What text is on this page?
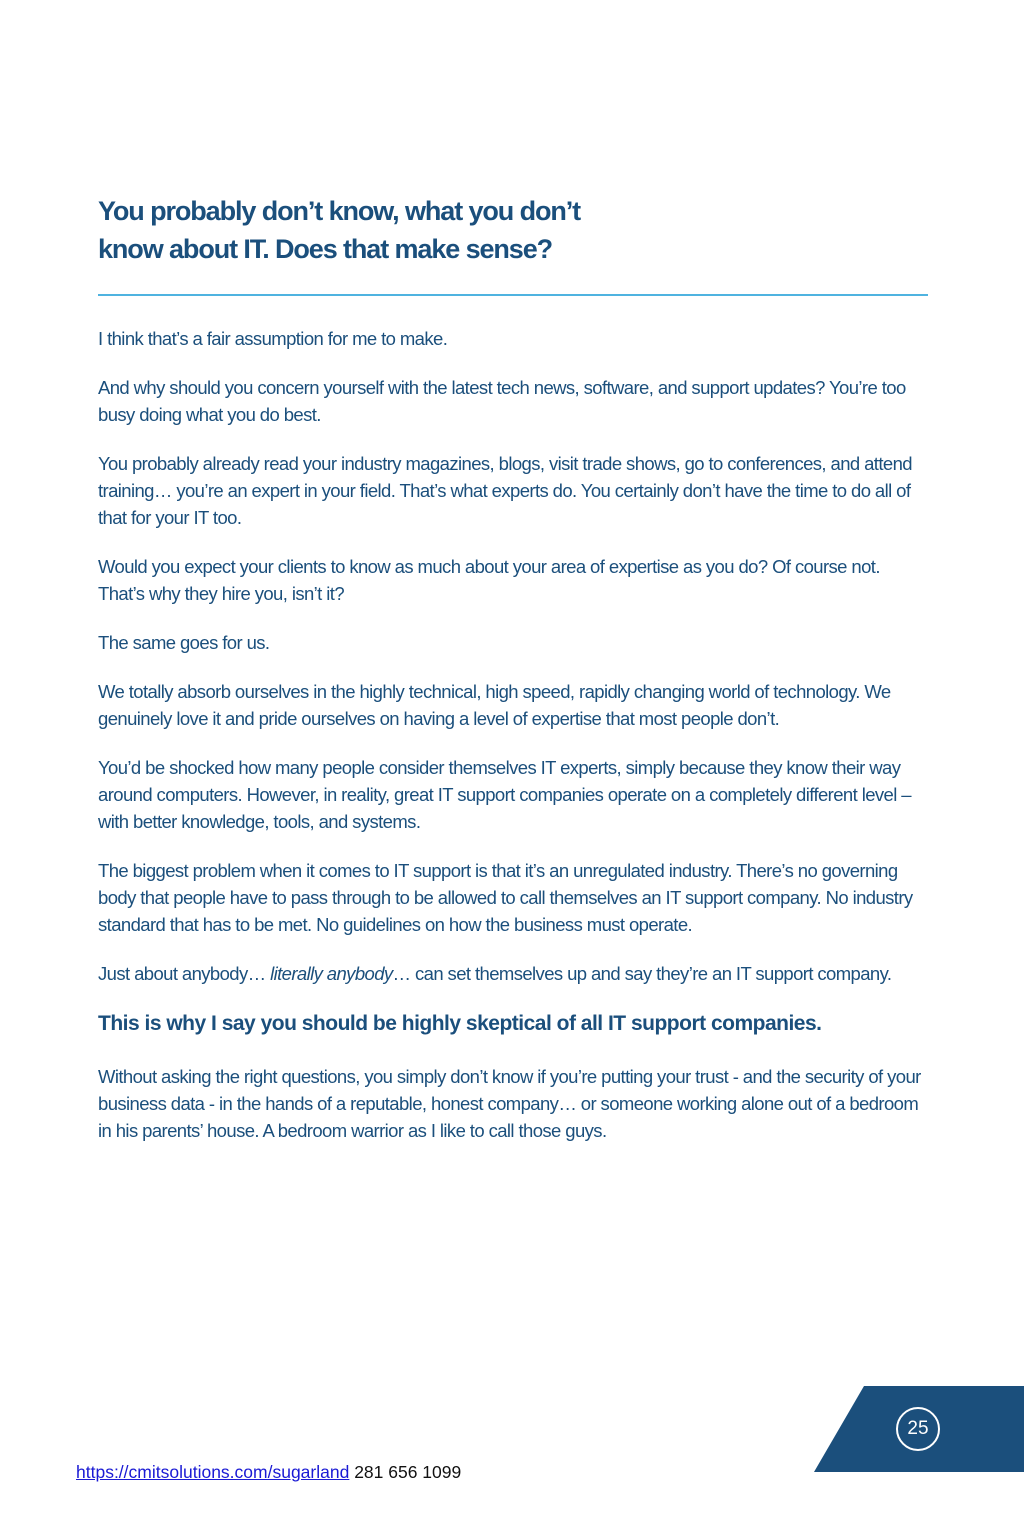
You probably don’t know, what you don’t
know about IT. Does that make sense?

I think that’s a fair assumption for me to make.

And why should you concern yourself with the latest tech news, software, and support updates? You’re too busy doing what you do best.

You probably already read your industry magazines, blogs, visit trade shows, go to conferences, and attend training… you’re an expert in your field. That’s what experts do. You certainly don’t have the time to do all of that for your IT too.

Would you expect your clients to know as much about your area of expertise as you do? Of course not. That’s why they hire you, isn’t it?

The same goes for us.

We totally absorb ourselves in the highly technical, high speed, rapidly changing world of technology. We genuinely love it and pride ourselves on having a level of expertise that most people don’t.

You’d be shocked how many people consider themselves IT experts, simply because they know their way around computers. However, in reality, great IT support companies operate on a completely different level – with better knowledge, tools, and systems.

The biggest problem when it comes to IT support is that it’s an unregulated industry. There’s no governing body that people have to pass through to be allowed to call themselves an IT support company. No industry standard that has to be met. No guidelines on how the business must operate.

Just about anybody… literally anybody… can set themselves up and say they’re an IT support company.

This is why I say you should be highly skeptical of all IT support companies.

Without asking the right questions, you simply don’t know if you’re putting your trust - and the security of your business data - in the hands of a reputable, honest company… or someone working alone out of a bedroom in his parents’ house. A bedroom warrior as I like to call those guys.

25
https://cmitsolutions.com/sugarland 281 656 1099
